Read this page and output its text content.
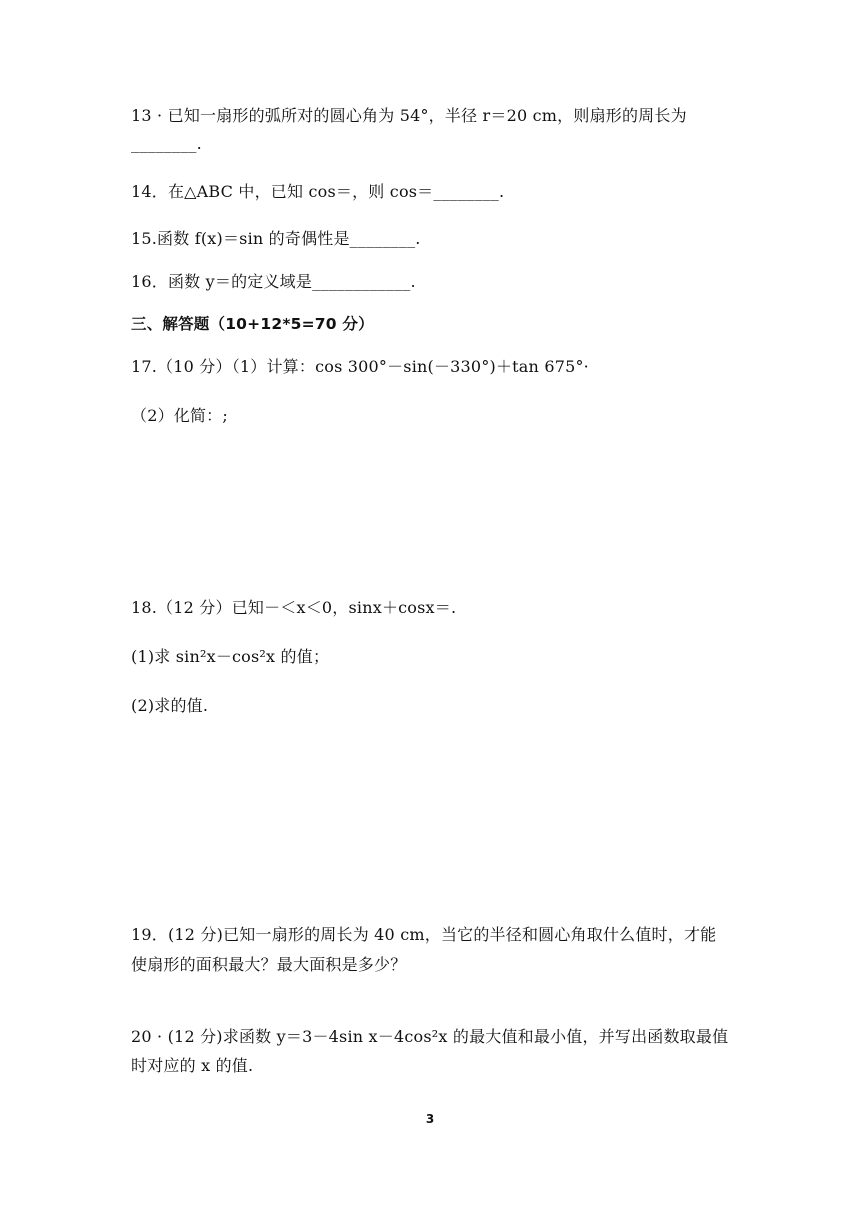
13 · 已知一扇形的弧所对的圆心角为 54°，半径 r＝20 cm，则扇形的周长为
________.
14．在△ABC 中，已知 cos＝，则 cos＝________.
15.函数 f(x)＝sin 的奇偶性是________.
16．函数 y＝的定义域是____________.
三、解答题（10+12*5=70 分）
17.（10 分）（1）计算：cos 300°－sin(－330°)＋tan 675°·
（2）化简：;
18.（12 分）已知－＜x＜0，sinx＋cosx＝.
(1)求 sin²x－cos²x 的值；
(2)求的值.
19．(12 分)已知一扇形的周长为 40 cm，当它的半径和圆心角取什么值时，才能
使扇形的面积最大？最大面积是多少？
20 · (12 分)求函数 y＝3－4sin x－4cos²x 的最大值和最小值，并写出函数取最值
时对应的 x 的值.
3
